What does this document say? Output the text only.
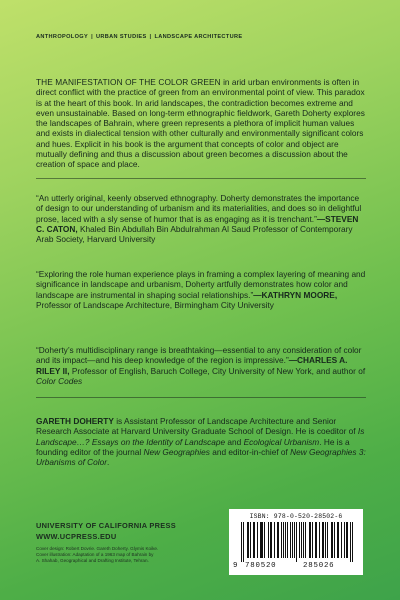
ANTHROPOLOGY | URBAN STUDIES | LANDSCAPE ARCHITECTURE

THE MANIFESTATION OF THE COLOR GREEN in arid urban environments is often in direct conflict with the practice of green from an environmental point of view. This paradox is at the heart of this book. In arid landscapes, the contradiction becomes extreme and even unsustainable. Based on long-term ethnographic fieldwork, Gareth Doherty explores the landscapes of Bahrain, where green represents a plethora of implicit human values and exists in dialectical tension with other culturally and environmentally significant colors and hues. Explicit in his book is the argument that concepts of color and object are mutually defining and thus a discussion about green becomes a discussion about the creation of space and place.

“An utterly original, keenly observed ethnography. Doherty demonstrates the importance of design to our understanding of urbanism and its materialities, and does so in delightful prose, laced with a sly sense of humor that is as engaging as it is trenchant.”—STEVEN C. CATON, Khaled Bin Abdullah Bin Abdulrahman Al Saud Professor of Contemporary Arab Society, Harvard University

“Exploring the role human experience plays in framing a complex layering of meaning and significance in landscape and urbanism, Doherty artfully demonstrates how color and landscape are instrumental in shaping social relationships.”—KATHRYN MOORE, Professor of Landscape Architecture, Birmingham City University

“Doherty’s multidisciplinary range is breathtaking—essential to any consideration of color and its impact—and his deep knowledge of the region is impressive.”—CHARLES A. RILEY II, Professor of English, Baruch College, City University of New York, and author of Color Codes

GARETH DOHERTY is Assistant Professor of Landscape Architecture and Senior Research Associate at Harvard University Graduate School of Design. He is coeditor of Is Landscape…? Essays on the Identity of Landscape and Ecological Urbanism. He is a founding editor of the journal New Geographies and editor-in-chief of New Geographies 3: Urbanisms of Color.

UNIVERSITY OF CALIFORNIA PRESS
WWW.UCPRESS.EDU
Cover design: Robert Dovrie. Gareth Doherty. Glymis Koike.
Cover illustration: Adaptation of a 1963 map of Bahrain by
A. Shahab, Geographical and Drafting Institute, Tehran.
ISBN: 978-0-520-28502-6
9 780520	285026
